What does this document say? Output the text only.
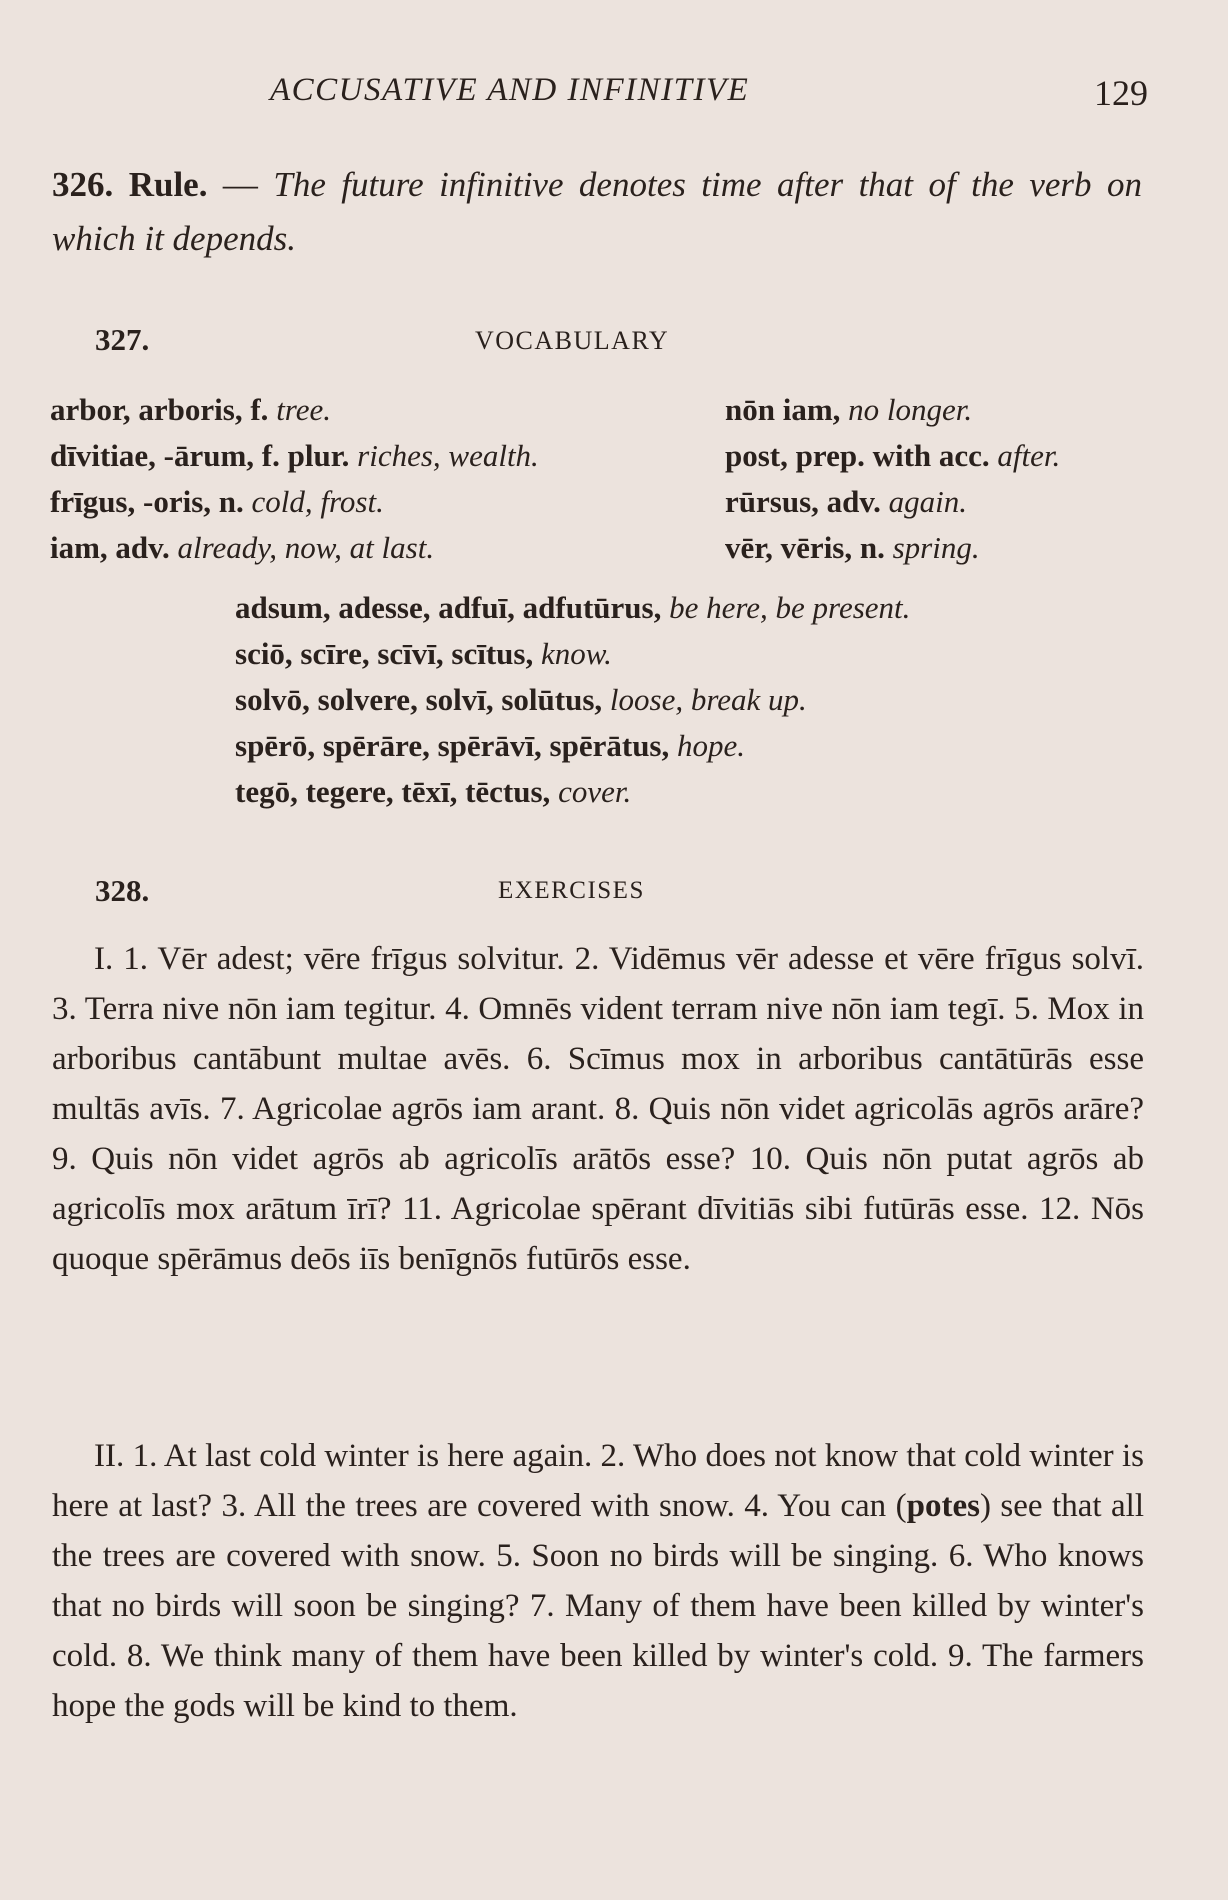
ACCUSATIVE AND INFINITIVE	129
326. Rule. — The future infinitive denotes time after that of the verb on which it depends.
327.	VOCABULARY
arbor, arboris, f. tree.
dīvitiae, -ārum, f. plur. riches, wealth.
frīgus, -oris, n. cold, frost.
iam, adv. already, now, at last.
nōn iam, no longer.
post, prep. with acc. after.
rūrsus, adv. again.
vēr, vēris, n. spring.
adsum, adesse, adfuī, adfutūrus, be here, be present.
sciō, scīre, scīvī, scītus, know.
solvō, solvere, solvī, solūtus, loose, break up.
spērō, spērāre, spērāvī, spērātus, hope.
tegō, tegere, tēxī, tēctus, cover.
328.	EXERCISES
I. 1. Vēr adest; vēre frīgus solvitur. 2. Vidēmus vēr adesse et vēre frīgus solvī. 3. Terra nive nōn iam tegitur. 4. Omnēs vident terram nive nōn iam tegī. 5. Mox in arboribus cantābunt multae avēs. 6. Scīmus mox in arboribus cantātūrās esse multās avīs. 7. Agricolae agrōs iam arant. 8. Quis nōn videt agricolās agrōs arāre? 9. Quis nōn videt agrōs ab agricolīs arātōs esse? 10. Quis nōn putat agrōs ab agricolīs mox arātum īrī? 11. Agricolae spērant dīvitiās sibi futūrās esse. 12. Nōs quoque spērāmus deōs iīs benīgnōs futūrōs esse.
II. 1. At last cold winter is here again. 2. Who does not know that cold winter is here at last? 3. All the trees are covered with snow. 4. You can (potes) see that all the trees are covered with snow. 5. Soon no birds will be singing. 6. Who knows that no birds will soon be singing? 7. Many of them have been killed by winter's cold. 8. We think many of them have been killed by winter's cold. 9. The farmers hope the gods will be kind to them.
